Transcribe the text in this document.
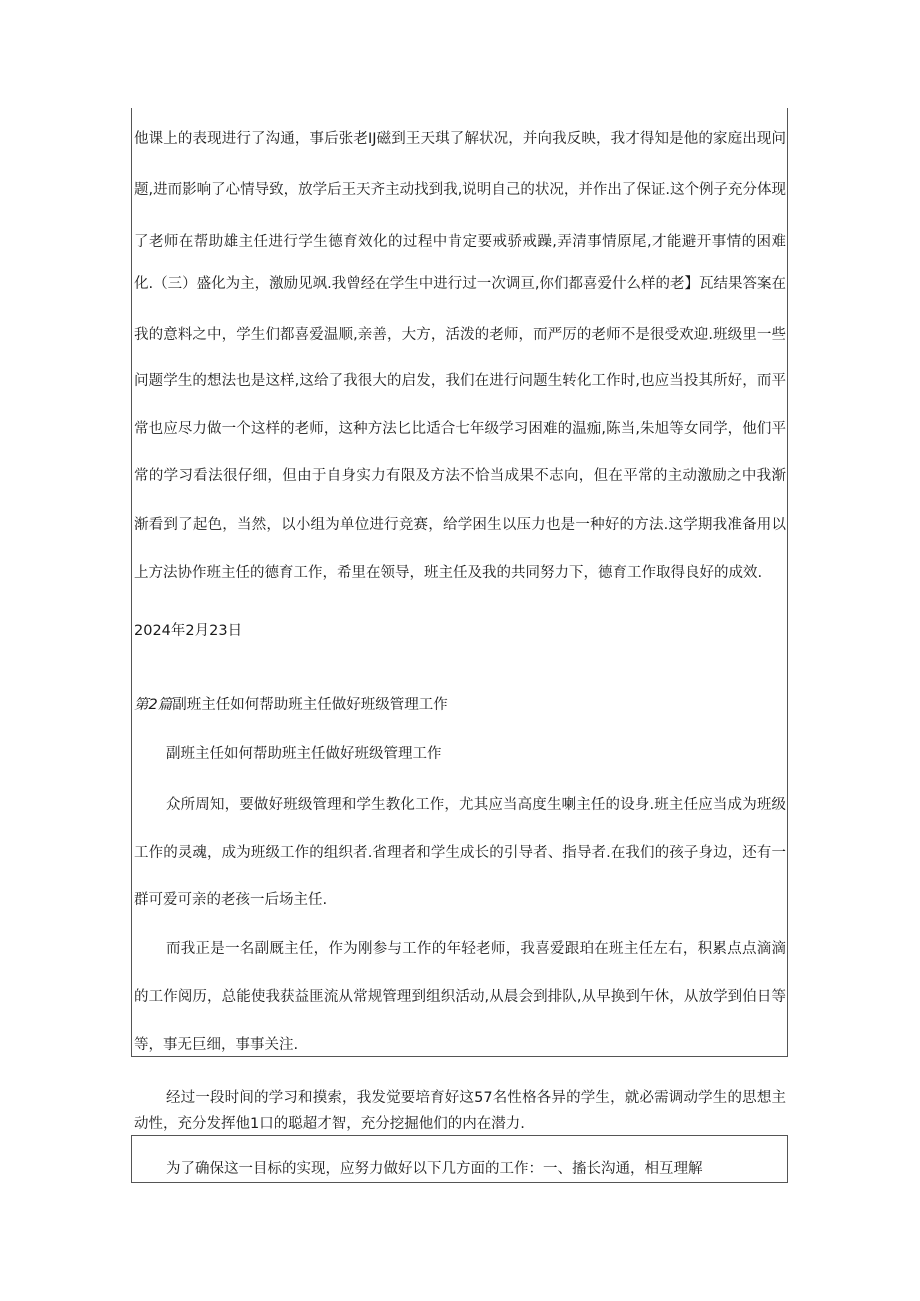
他课上的表现进行了沟通，事后张老IJ磁到王天琪了解状况，并向我反映，我才得知是他的家庭出现问
题,进而影响了心情导致，放学后王天齐主动找到我,说明自己的状况，并作出了保证.这个例子充分体现
了老师在帮助雄主任进行学生德育效化的过程中肯定要戒骄戒躁,弄清事情原尾,才能避开事情的困难
化.（三）盛化为主，激励见飒.我曾经在学生中进行过一次调亘,你们都喜爱什么样的老】瓦结果答案在
我的意料之中，学生们都喜爱温顺,亲善，大方，活泼的老师，而严厉的老师不是很受欢迎.班级里一些
问题学生的想法也是这样,这给了我很大的启发，我们在进行问题生转化工作时,也应当投其所好，而平
常也应尽力做一个这样的老师，这种方法匕比适合七年级学习困难的温痂,陈当,朱旭等女同学，他们平
常的学习看法很仔细，但由于自身实力有限及方法不恰当成果不志向，但在平常的主动激励之中我渐
渐看到了起色，当然，以小组为单位进行竞赛，给学困生以压力也是一种好的方法.这学期我准备用以
上方法协作班主任的德育工作，希里在领导，班主任及我的共同努力下，德育工作取得良好的成效.
2024年2月23日
第2篇副班主任如何帮助班主任做好班级管理工作
副班主任如何帮助班主任做好班级管理工作
众所周知，要做好班级管理和学生教化工作，尤其应当高度生喇主任的设身.班主任应当成为班级
工作的灵魂，成为班级工作的组织者.省理者和学生成长的引导者、指导者.在我们的孩子身边，还有一
群可爱可亲的老孩一后场主任.
而我正是一名副厩主任，作为刚参与工作的年轻老师，我喜爱跟珀在班主任左右，积累点点滴滴
的工作阅历，总能使我获益匪流从常规管理到组织活动,从晨会到排队,从早换到午休，从放学到伯日等
等，事无巨细，事事关注.
经过一段时间的学习和摸索，我发觉要培育好这57名性格各异的学生，就必需调动学生的思想主
动性，充分发挥他1口的聪超才智，充分挖掘他们的内在潜力.
为了确保这一目标的实现，应努力做好以下几方面的工作：一、搐长沟通，相互理解
